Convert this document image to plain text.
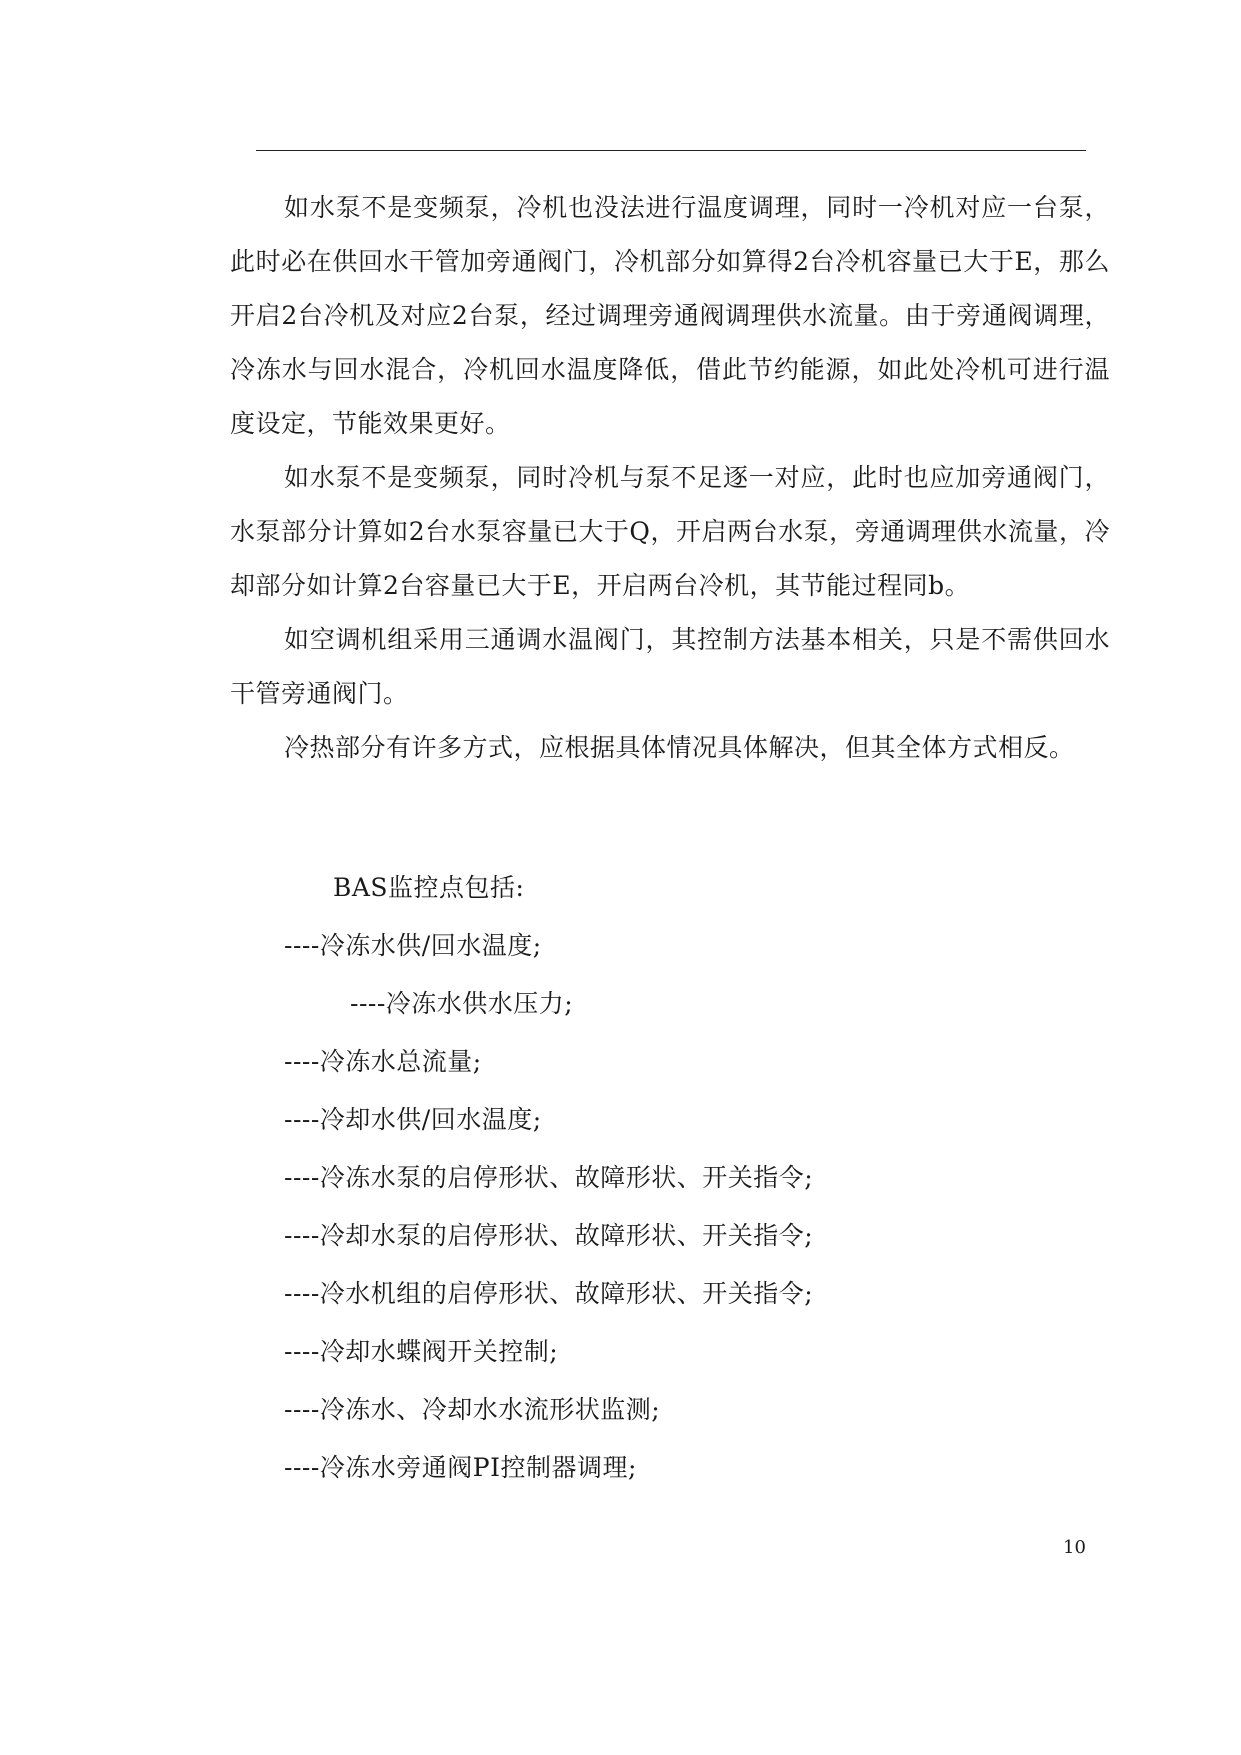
如水泵不是变频泵，冷机也没法进行温度调理，同时一冷机对应一台泵，此时必在供回水干管加旁通阀门，冷机部分如算得2台冷机容量已大于E，那么开启2台冷机及对应2台泵，经过调理旁通阀调理供水流量。由于旁通阀调理，冷冻水与回水混合，冷机回水温度降低，借此节约能源，如此处冷机可进行温度设定，节能效果更好。

如水泵不是变频泵，同时冷机与泵不足逐一对应，此时也应加旁通阀门，水泵部分计算如2台水泵容量已大于Q，开启两台水泵，旁通调理供水流量，冷却部分如计算2台容量已大于E，开启两台冷机，其节能过程同b。

如空调机组采用三通调水温阀门，其控制方法基本相关，只是不需供回水干管旁通阀门。

冷热部分有许多方式，应根据具体情况具体解决，但其全体方式相反。

BAS监控点包括:

----冷冻水供/回水温度;

----冷冻水供水压力;

----冷冻水总流量;

----冷却水供/回水温度;

----冷冻水泵的启停形状、故障形状、开关指令;

----冷却水泵的启停形状、故障形状、开关指令;

----冷水机组的启停形状、故障形状、开关指令;

----冷却水蝶阀开关控制;

----冷冻水、冷却水水流形状监测;

----冷冻水旁通阀PI控制器调理;

10
